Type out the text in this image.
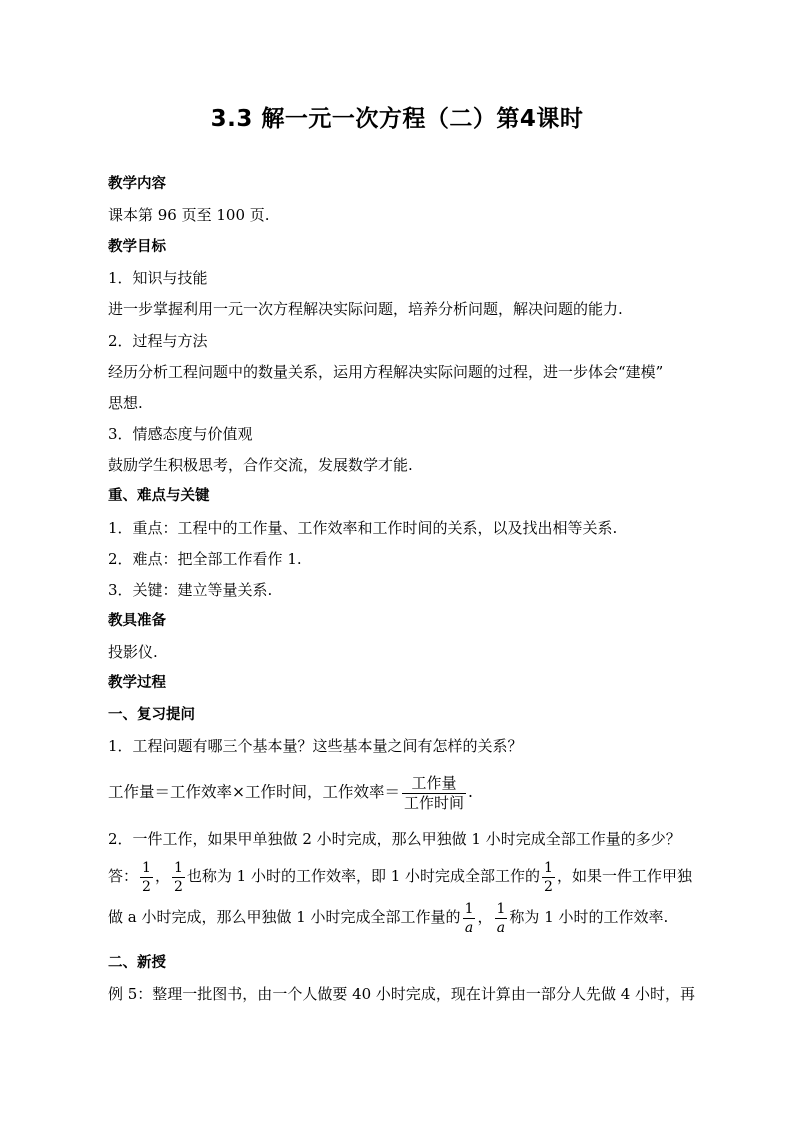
3.3 解一元一次方程（二）第4课时
教学内容
课本第 96 页至 100 页.
教学目标
1．知识与技能
进一步掌握利用一元一次方程解决实际问题，培养分析问题，解决问题的能力.
2．过程与方法
经历分析工程问题中的数量关系，运用方程解决实际问题的过程，进一步体会“建模”
思想.
3．情感态度与价值观
鼓励学生积极思考，合作交流，发展数学才能.
重、难点与关键
1．重点：工程中的工作量、工作效率和工作时间的关系，以及找出相等关系.
2．难点：把全部工作看作 1.
3．关键：建立等量关系.
教具准备
投影仪.
教学过程
一、复习提问
1．工程问题有哪三个基本量？这些基本量之间有怎样的关系？
工作量＝工作效率×工作时间，工作效率＝ $\frac{\text{工作量}}{\text{工作时间}}$ .
2．一件工作，如果甲单独做 2 小时完成，那么甲独做 1 小时完成全部工作量的多少？
答： $\frac{1}{2}$ ， $\frac{1}{2}$ 也称为 1 小时的工作效率，即 1 小时完成全部工作的 $\frac{1}{2}$ ，如果一件工作甲独
做 a 小时完成，那么甲独做 1 小时完成全部工作量的 $\frac{1}{a}$ ， $\frac{1}{a}$ 称为 1 小时的工作效率.
二、新授
例 5：整理一批图书，由一个人做要 40 小时完成，现在计算由一部分人先做 4 小时，再
